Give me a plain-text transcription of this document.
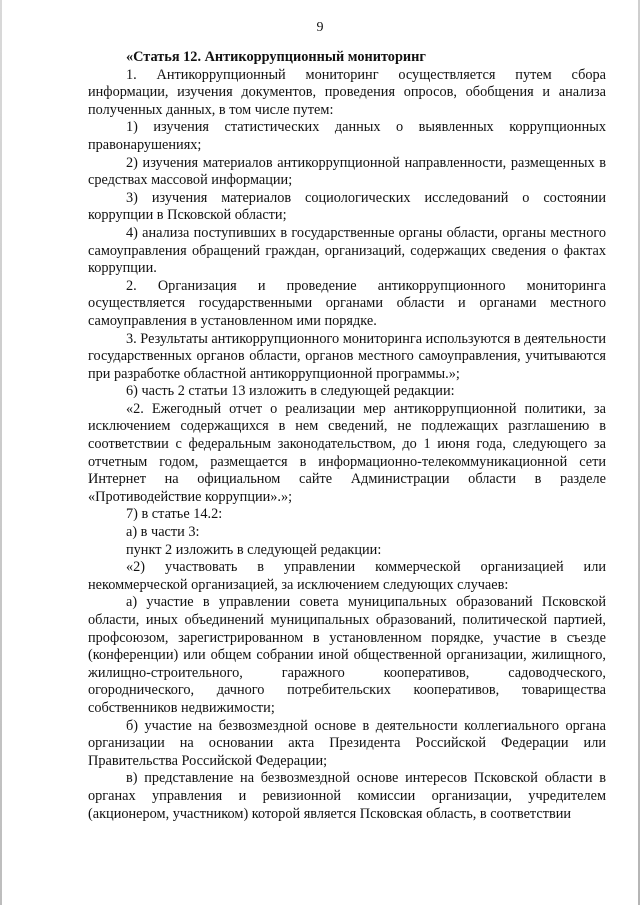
9

«Статья 12. Антикоррупционный мониторинг

1. Антикоррупционный мониторинг осуществляется путем сбора информации, изучения документов, проведения опросов, обобщения и анализа полученных данных, в том числе путем:

1) изучения статистических данных о выявленных коррупционных правонарушениях;

2) изучения материалов антикоррупционной направленности, размещенных в средствах массовой информации;

3) изучения материалов социологических исследований о состоянии коррупции в Псковской области;

4) анализа поступивших в государственные органы области, органы местного самоуправления обращений граждан, организаций, содержащих сведения о фактах коррупции.

2. Организация и проведение антикоррупционного мониторинга осуществляется государственными органами области и органами местного самоуправления в установленном ими порядке.

3. Результаты антикоррупционного мониторинга используются в деятельности государственных органов области, органов местного самоуправления, учитываются при разработке областной антикоррупционной программы.»;

6) часть 2 статьи 13 изложить в следующей редакции:

«2. Ежегодный отчет о реализации мер антикоррупционной политики, за исключением содержащихся в нем сведений, не подлежащих разглашению в соответствии с федеральным законодательством, до 1 июня года, следующего за отчетным годом, размещается в информационно-телекоммуникационной сети Интернет на официальном сайте Администрации области в разделе «Противодействие коррупции».»;

7) в статье 14.2:

а) в части 3:

пункт 2 изложить в следующей редакции:

«2) участвовать в управлении коммерческой организацией или некоммерческой организацией, за исключением следующих случаев:

а) участие в управлении совета муниципальных образований Псковской области, иных объединений муниципальных образований, политической партией, профсоюзом, зарегистрированном в установленном порядке, участие в съезде (конференции) или общем собрании иной общественной организации, жилищного, жилищно-строительного, гаражного кооперативов, садоводческого, огороднического, дачного потребительских кооперативов, товарищества собственников недвижимости;

б) участие на безвозмездной основе в деятельности коллегиального органа организации на основании акта Президента Российской Федерации или Правительства Российской Федерации;

в) представление на безвозмездной основе интересов Псковской области в органах управления и ревизионной комиссии организации, учредителем (акционером, участником) которой является Псковская область, в соответствии
